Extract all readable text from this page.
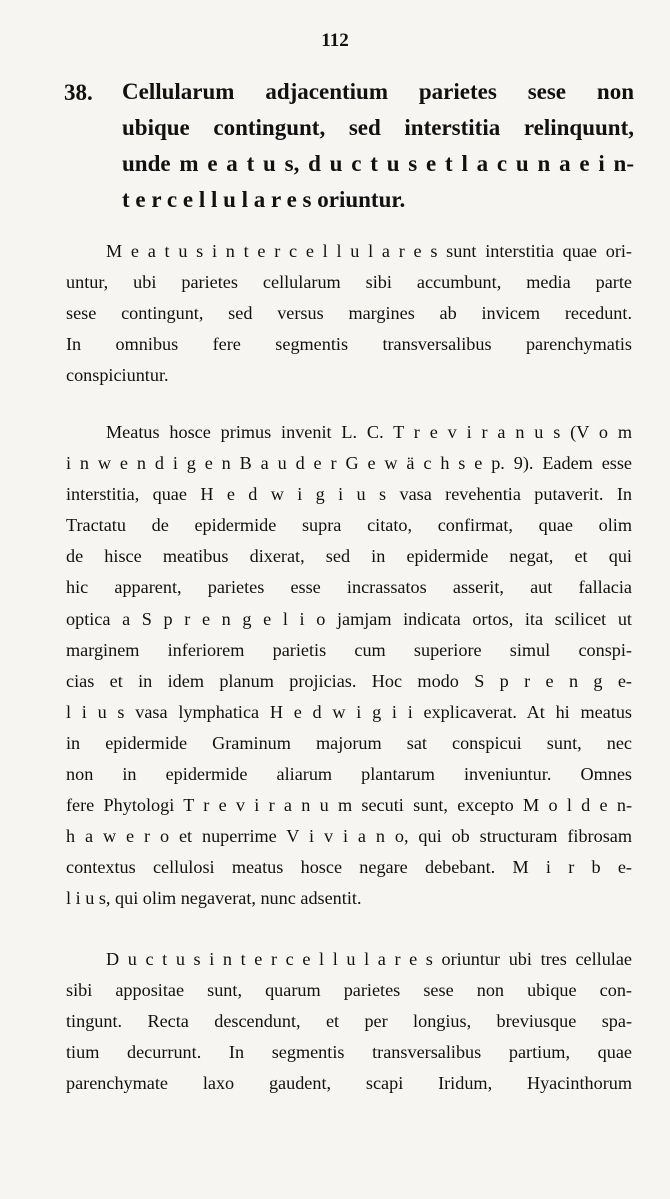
112
38. Cellularum adjacentium parietes sese non
ubique contingunt, sed interstitia relinquunt,
unde m e a t u s, d u c t u s e t l a c u n a e i n-
t e r c e l l u l a r e s oriuntur.
M e a t u s i n t e r c e l l u l a r e s sunt interstitia quae ori-
untur, ubi parietes cellularum sibi accumbunt, media parte
sese contingunt, sed versus margines ab invicem recedunt.
In omnibus fere segmentis transversalibus parenchymatis
conspiciuntur.
Meatus hosce primus invenit L. C. T r e v i r a n u s (V o m
i n w e n d i g e n B a u d e r G e w ä c h s e p. 9). Eadem esse
interstitia, quae H e d w i g i u s vasa revehentia putaverit. In
Tractatu de epidermide supra citato, confirmat, quae olim
de hisce meatibus dixerat, sed in epidermide negat, et qui
hic apparent, parietes esse incrassatos asserit, aut fallacia
optica a S p r e n g e l i o jamjam indicata ortos, ita scilicet ut
marginem inferiorem parietis cum superiore simul conspi-
cias et in idem planum projicias. Hoc modo S p r e n g e-
l i u s vasa lymphatica H e d w i g i i explicaverat. At hi meatus
in epidermide Graminum majorum sat conspicui sunt, nec
non in epidermide aliarum plantarum inveniuntur. Omnes
fere Phytologi T r e v i r a n u m secuti sunt, excepto M o l d e n-
h a w e r o et nuperrime V i v i a n o, qui ob structuram fibrosam
contextus cellulosi meatus hosce negare debebant. M i r b e-
l i u s, qui olim negaverat, nunc adsentit.
D u c t u s i n t e r c e l l u l a r e s oriuntur ubi tres cellulae
sibi appositae sunt, quarum parietes sese non ubique con-
tingunt. Recta descendunt, et per longius, breviusque spa-
tium decurrunt. In segmentis transversalibus partium, quae
parenchymate laxo gaudent, scapi Iridum, Hyacinthorum
